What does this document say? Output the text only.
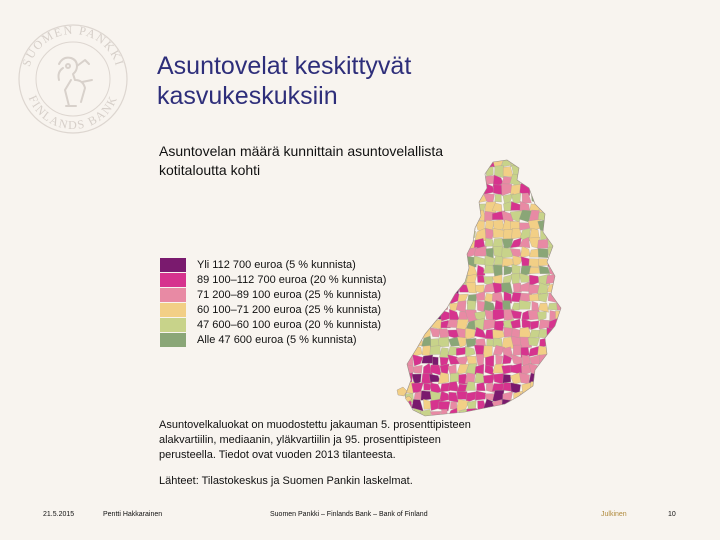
SUOMEN PANKKI
FINLANDS BANK
Asuntovelat keskittyvät
kasvukeskuksiin
Asuntovelan määrä kunnittain asuntovelallista
kotitaloutta kohti
Yli 112 700 euroa (5 % kunnista)
89 100–112 700 euroa (20 % kunnista)
71 200–89 100 euroa (25 % kunnista)
60 100–71 200 euroa (25 % kunnista)
47 600–60 100 euroa (20 % kunnista)
Alle 47 600 euroa (5 % kunnista)
Asuntovelkaluokat on muodostettu jakauman 5. prosenttipisteen
alakvartiilin, mediaanin, yläkvartiilin ja 95. prosenttipisteen
perusteella. Tiedot ovat vuoden 2013 tilanteesta.
Lähteet: Tilastokeskus ja Suomen Pankin laskelmat.
21.5.2015	Pentti Hakkarainen	Suomen Pankki – Finlands Bank – Bank of Finland	Julkinen	10
